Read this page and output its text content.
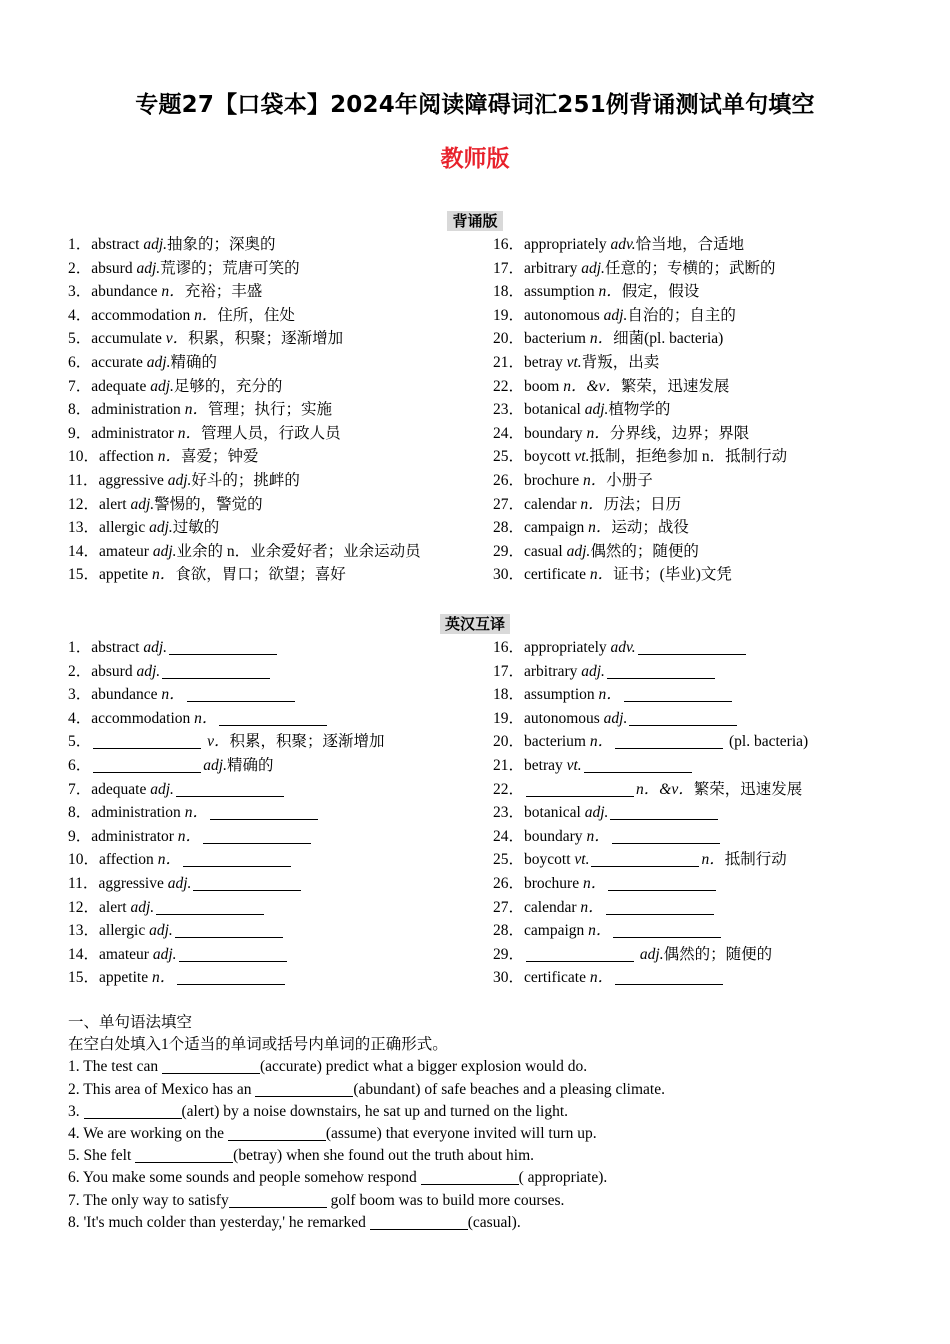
专题27【口袋本】2024年阅读障碍词汇251例背诵测试单句填空
教师版
背诵版
1．abstract adj.抽象的；深奥的
2．absurd adj.荒谬的；荒唐可笑的
3．abundance n．充裕；丰盛
4．accommodation n．住所，住处
5．accumulate v．积累，积聚；逐渐增加
6．accurate adj.精确的
7．adequate adj.足够的，充分的
8．administration n．管理；执行；实施
9．administrator n．管理人员，行政人员
10．affection n．喜爱；钟爱
11．aggressive adj.好斗的；挑衅的
12．alert adj.警惕的，警觉的
13．allergic adj.过敏的
14．amateur adj.业余的 n．业余爱好者；业余运动员
15．appetite n．食欲，胃口；欲望；喜好
16．appropriately adv.恰当地，合适地
17．arbitrary adj.任意的；专横的；武断的
18．assumption n．假定，假设
19．autonomous adj.自治的；自主的
20．bacterium n．细菌(pl. bacteria)
21．betray vt.背叛，出卖
22．boom n．&v．繁荣，迅速发展
23．botanical adj.植物学的
24．boundary n．分界线，边界；界限
25．boycott vt.抵制，拒绝参加 n．抵制行动
26．brochure n．小册子
27．calendar n．历法；日历
28．campaign n．运动；战役
29．casual adj.偶然的；随便的
30．certificate n．证书；(毕业)文凭
英汉互译
1．abstract adj.
2．absurd adj.
3．abundance n．
4．accommodation n．
5．	v．积累，积聚；逐渐增加
6．	adj.精确的
7．adequate adj.
8．administration n．
9．administrator n．
10．affection n．
11．aggressive adj.
12．alert adj.
13．allergic adj.
14．amateur adj.
15．appetite n．
16．appropriately adv.
17．arbitrary adj.
18．assumption n．
19．autonomous adj.
20．bacterium n．	(pl. bacteria)
21．betray vt.
22．	n．&v．繁荣，迅速发展
23．botanical adj.
24．boundary n．
25．boycott vt.	n．抵制行动
26．brochure n．
27．calendar n．
28．campaign n．
29．	adj.偶然的；随便的
30．certificate n．
一、单句语法填空
在空白处填入1个适当的单词或括号内单词的正确形式。
1. The test can	(accurate) predict what a bigger explosion would do.
2. This area of Mexico has an	(abundant) of safe beaches and a pleasing climate.
3.	(alert) by a noise downstairs, he sat up and turned on the light.
4. We are working on the	(assume) that everyone invited will turn up.
5. She felt	(betray) when she found out the truth about him.
6. You make some sounds and people somehow respond	( appropriate).
7. The only way to satisfy	golf boom was to build more courses.
8. 'It's much colder than yesterday,' he remarked	(casual).
